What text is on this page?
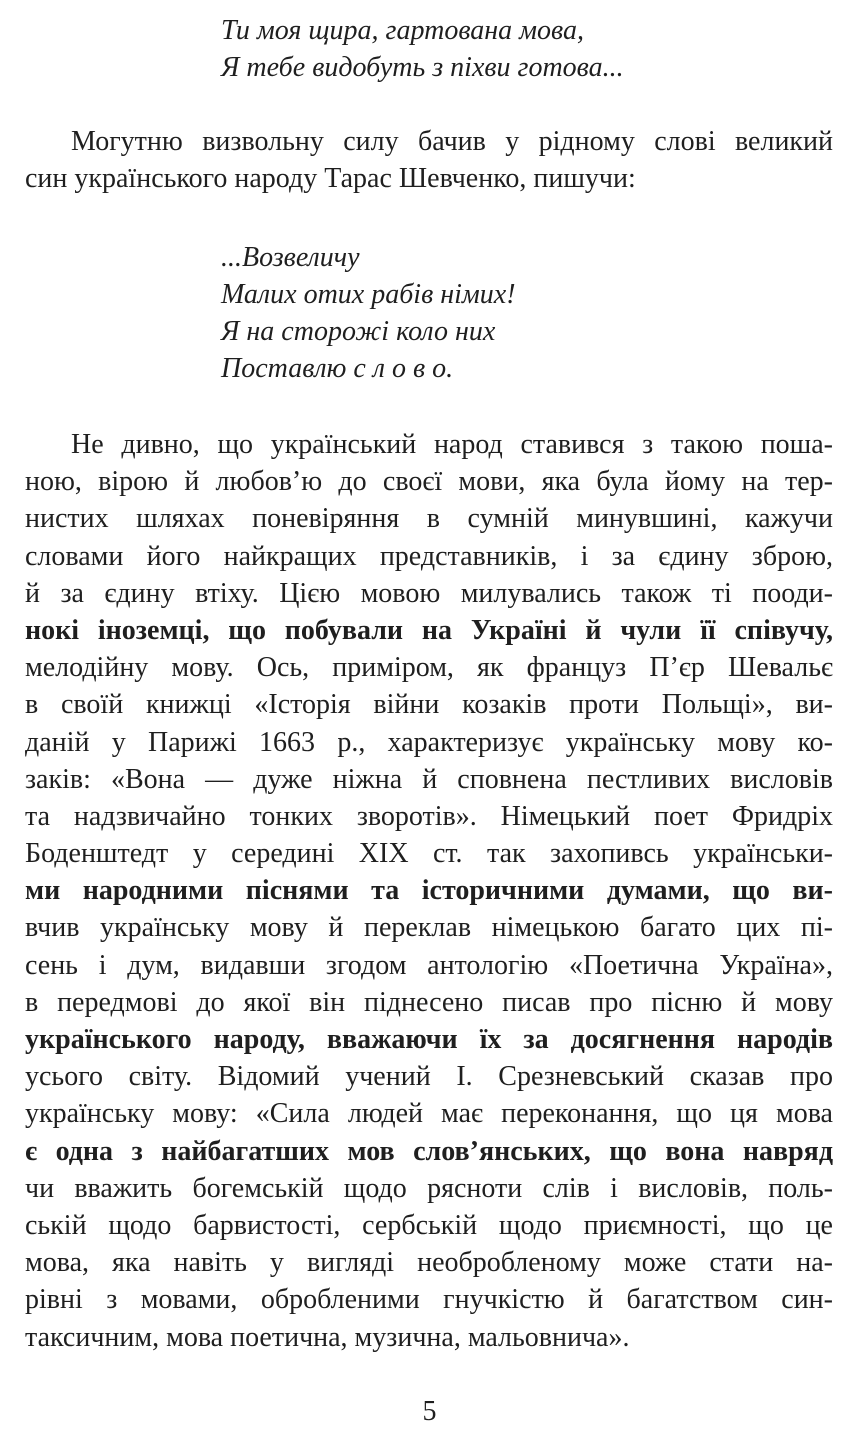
Ти моя щира, гартована мова,
Я тебе видобуть з піхви готова...
Могутню визвольну силу бачив у рідному слові великий
син українського народу Тарас Шевченко, пишучи:
...Возвеличу
Малих отих рабів німих!
Я на сторожі коло них
Поставлю с л о в о.
Не дивно, що український народ ставився з такою поша-
ною, вірою й любов’ю до своєї мови, яка була йому на тер-
нистих шляхах поневіряння в сумній минувшині, кажучи
словами його найкращих представників, і за єдину зброю,
й за єдину втіху. Цією мовою милувались також ті пооди-
нокі іноземці, що побували на Україні й чули її співучу,
мелодійну мову. Ось, приміром, як француз П’єр Шевальє
в своїй книжці «Історія війни козаків проти Польщі», ви-
даній у Парижі 1663 р., характеризує українську мову ко-
заків: «Вона — дуже ніжна й сповнена пестливих висловів
та надзвичайно тонких зворотів». Німецький поет Фридріх
Боденштедт у середині XIX ст. так захопивсь українськи-
ми народними піснями та історичними думами, що ви-
вчив українську мову й переклав німецькою багато цих пі-
сень і дум, видавши згодом антологію «Поетична Україна»,
в передмові до якої він піднесено писав про пісню й мову
українського народу, вважаючи їх за досягнення народів
усього світу. Відомий учений І. Срезневський сказав про
українську мову: «Сила людей має переконання, що ця мова
є одна з найбагатших мов слов’янських, що вона навряд
чи вважить богемській щодо рясноти слів і висловів, поль-
ській щодо барвистості, сербській щодо приємності, що це
мова, яка навіть у вигляді необробленому може стати на-
рівні з мовами, обробленими гнучкістю й багатством син-
таксичним, мова поетична, музична, мальовнича».
5
